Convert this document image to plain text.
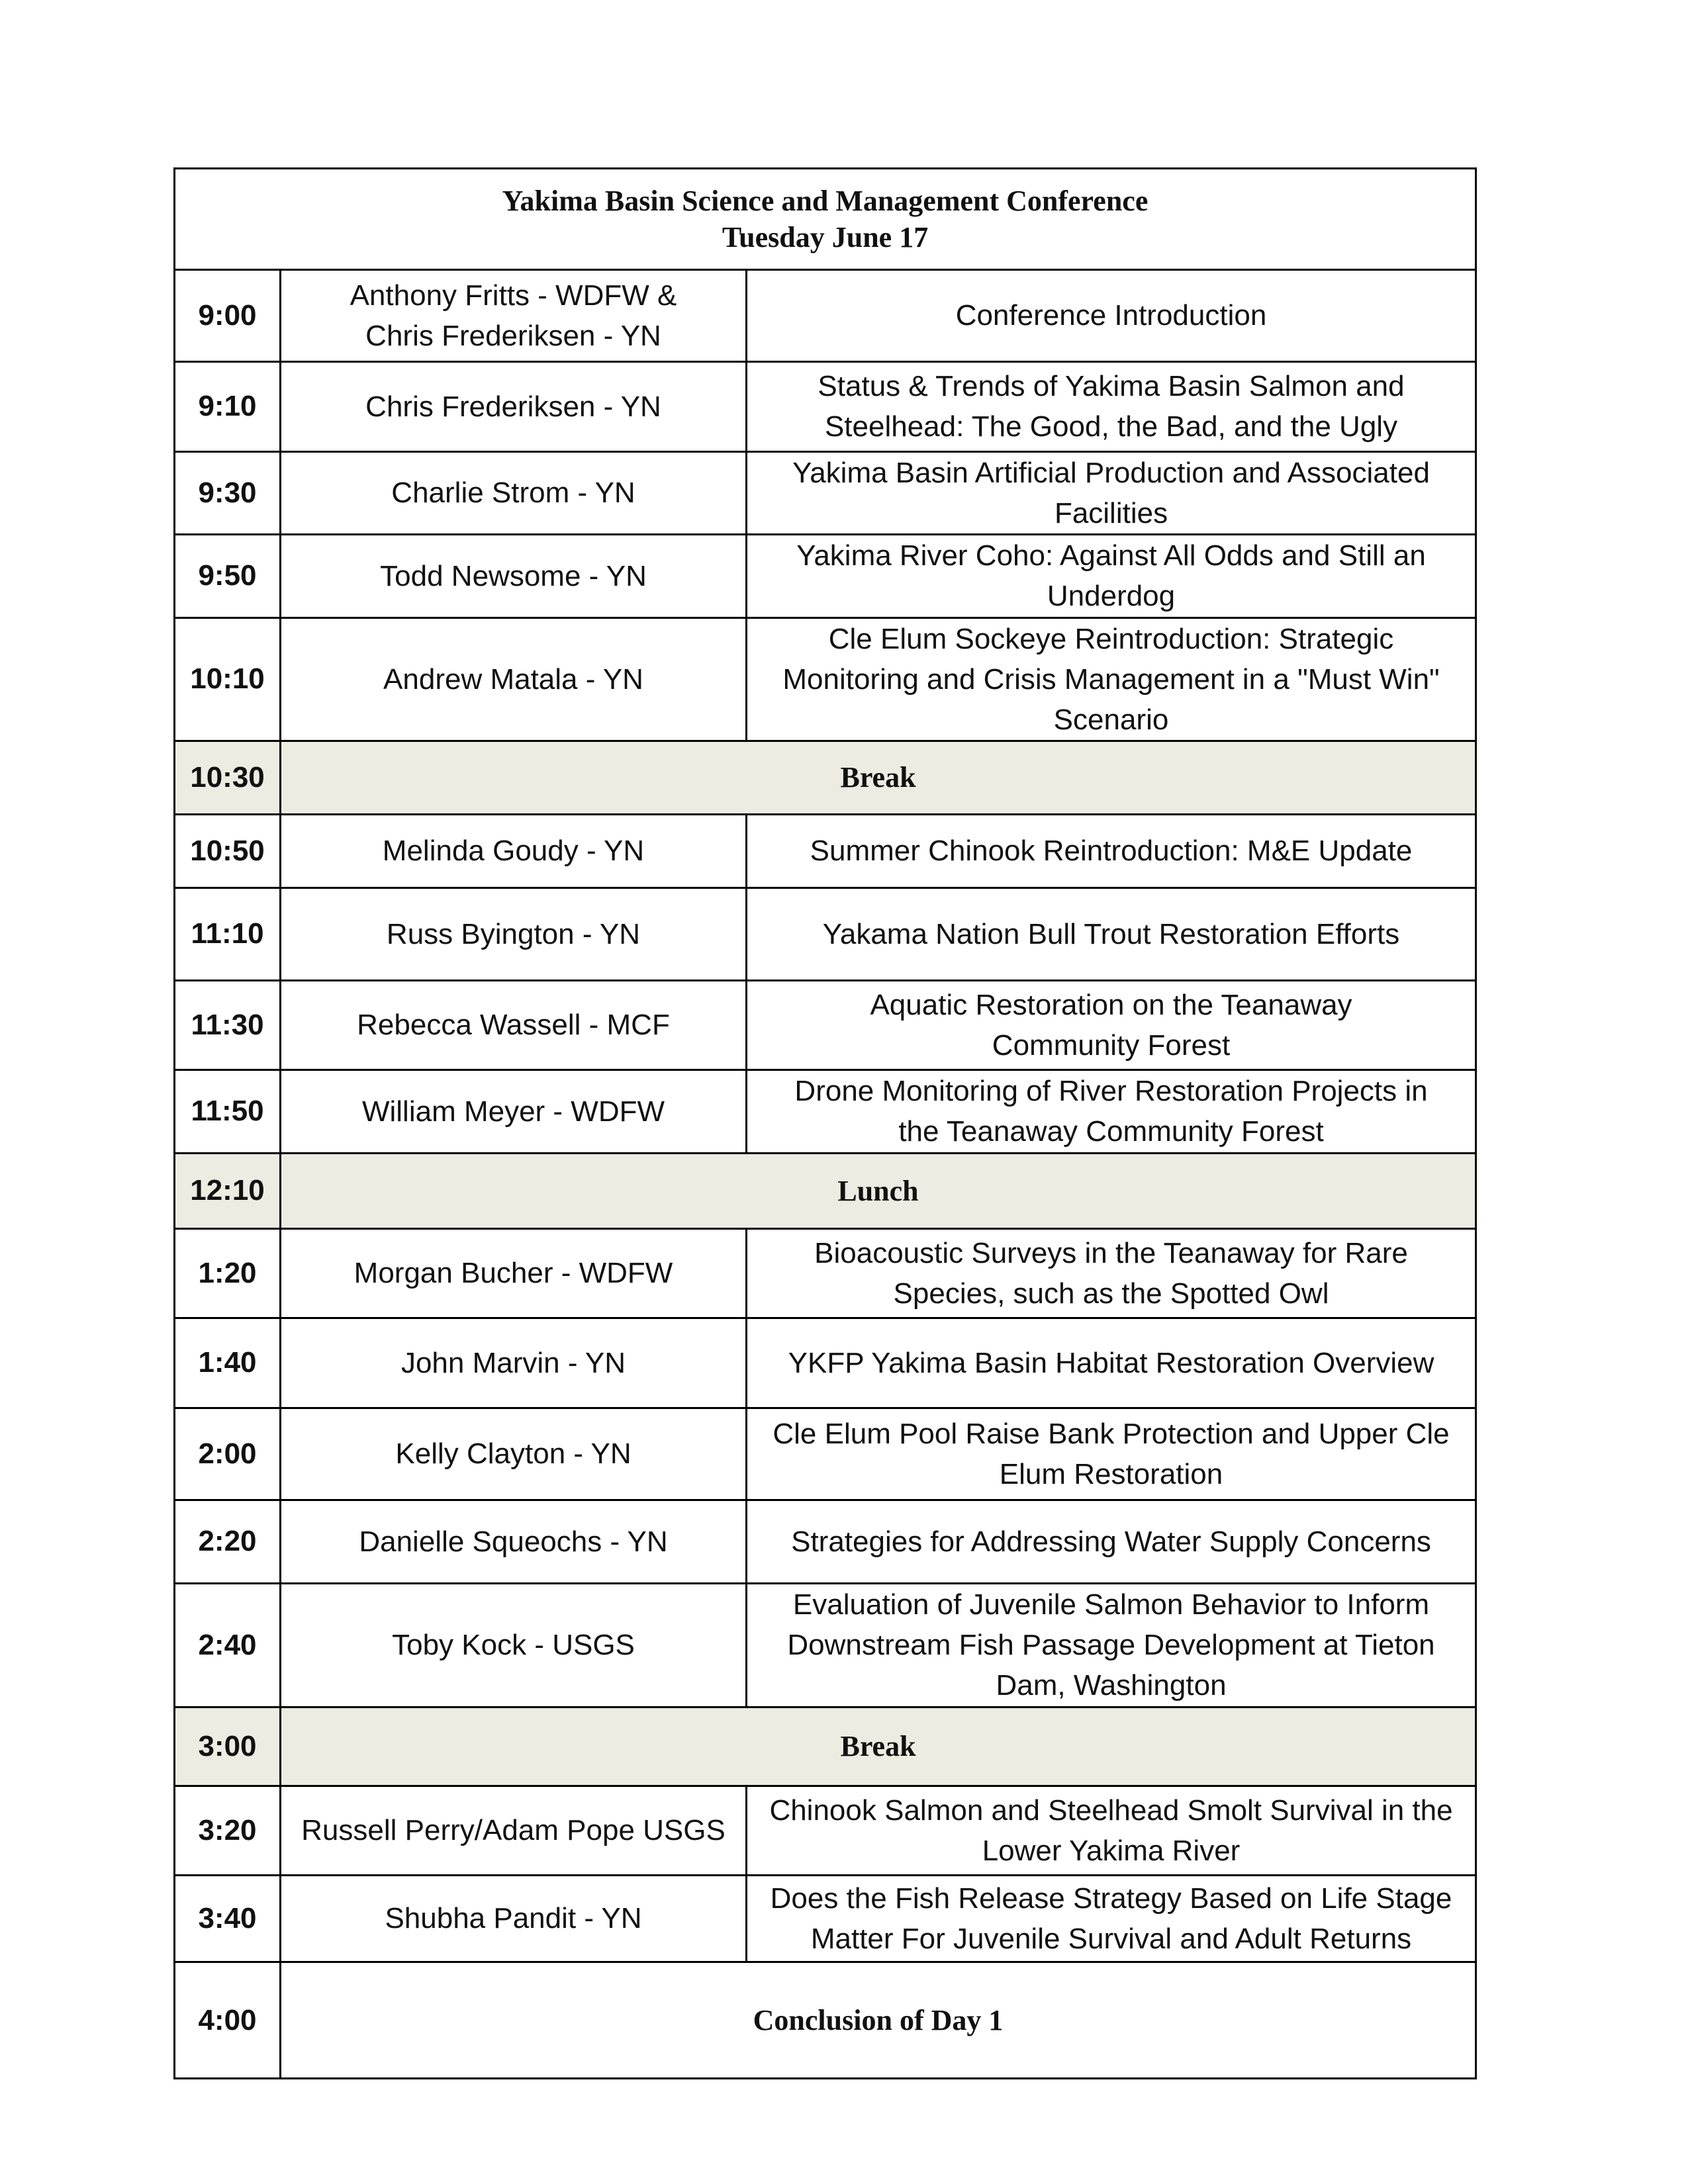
Yakima Basin Science and Management Conference
Tuesday June 17		

9:00	Anthony Fritts - WDFW &
Chris Frederiksen - YN	Conference Introduction

9:10	Chris Frederiksen - YN	Status & Trends of Yakima Basin Salmon and
Steelhead: The Good, the Bad, and the Ugly

9:30	Charlie Strom - YN	Yakima Basin Artificial Production and Associated
Facilities

9:50	Todd Newsome - YN	Yakima River Coho: Against All Odds and Still an
Underdog

10:10	Andrew Matala - YN	Cle Elum Sockeye Reintroduction: Strategic
Monitoring and Crisis Management in a "Must Win"
Scenario

10:30	Break	
10:50	Melinda Goudy - YN	Summer Chinook Reintroduction: M&E Update

11:10	Russ Byington - YN	Yakama Nation Bull Trout Restoration Efforts

11:30	Rebecca Wassell - MCF	Aquatic Restoration on the Teanaway
Community Forest

11:50	William Meyer - WDFW	Drone Monitoring of River Restoration Projects in
the Teanaway Community Forest

12:10	Lunch	
1:20	Morgan Bucher - WDFW	Bioacoustic Surveys in the Teanaway for Rare
Species, such as the Spotted Owl

1:40	John Marvin - YN	YKFP Yakima Basin Habitat Restoration Overview

2:00	Kelly Clayton - YN	Cle Elum Pool Raise Bank Protection and Upper Cle
Elum Restoration

2:20	Danielle Squeochs - YN	Strategies for Addressing Water Supply Concerns

2:40	Toby Kock - USGS	Evaluation of Juvenile Salmon Behavior to Inform
Downstream Fish Passage Development at Tieton
Dam, Washington

3:00	Break	
3:20	Russell Perry/Adam Pope USGS	Chinook Salmon and Steelhead Smolt Survival in the
Lower Yakima River

3:40	Shubha Pandit - YN	Does the Fish Release Strategy Based on Life Stage
Matter For Juvenile Survival and Adult Returns

4:00	Conclusion of Day 1	
